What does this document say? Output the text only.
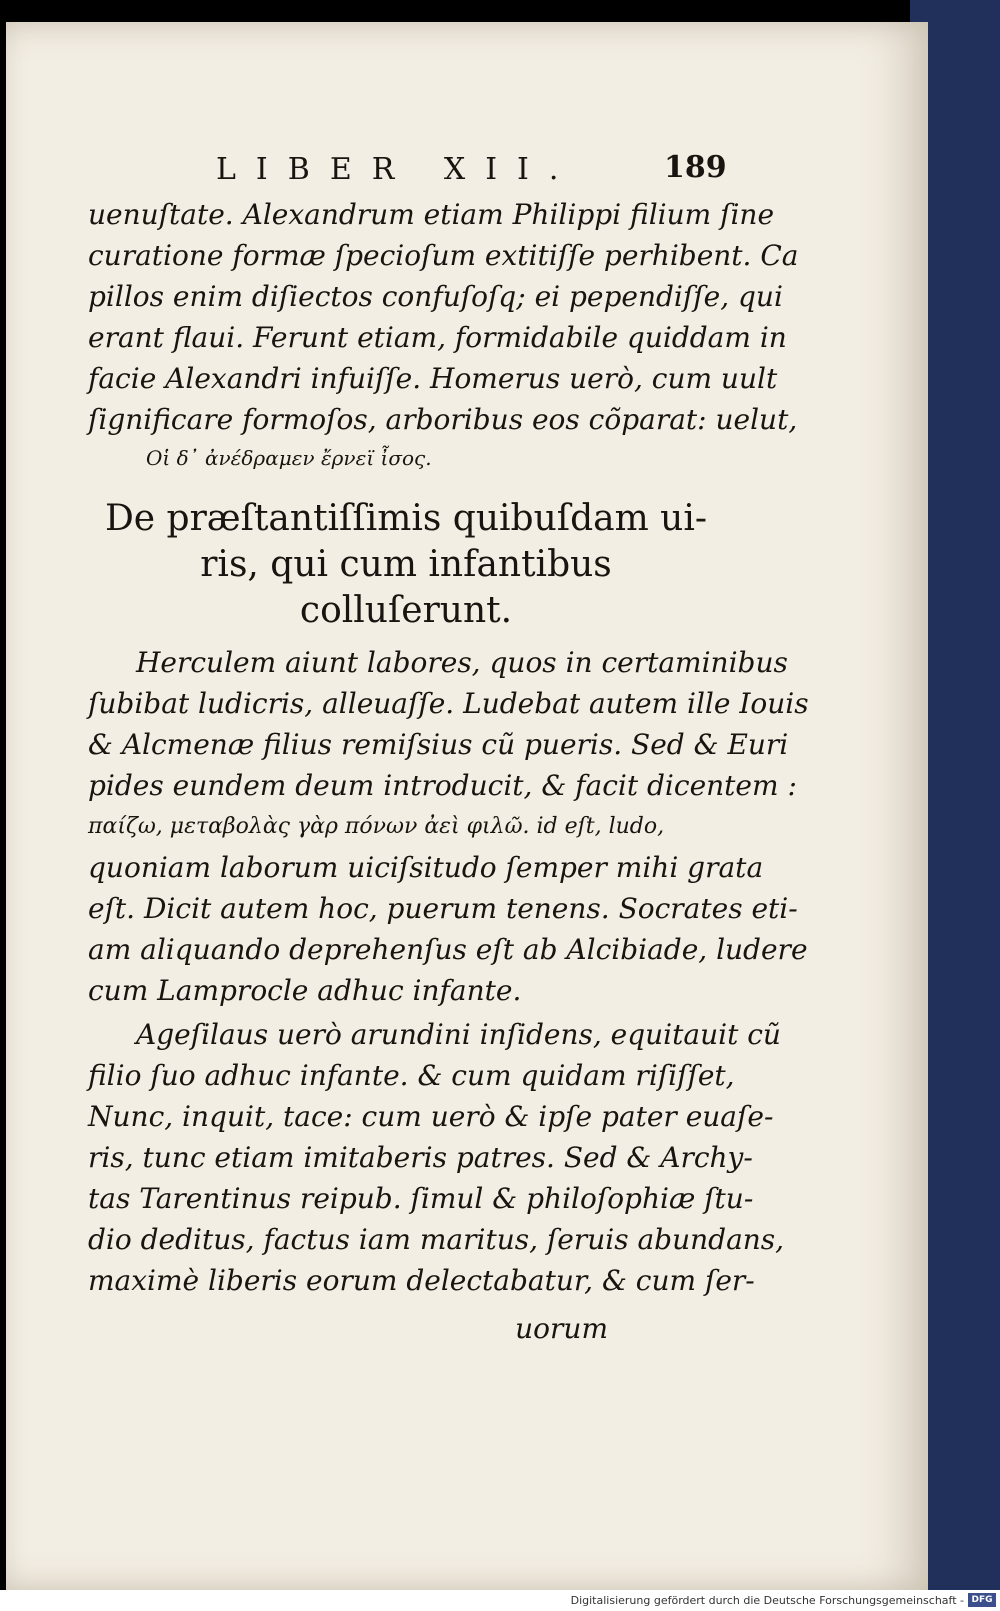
LIBER XII.	189
uenuſtate. Alexandrum etiam Philippi filium ſine
curatione formæ ſpecioſum extitiſſe perhibent. Ca
pillos enim diſiectos confuſoſq; ei pependiſſe, qui
erant flaui. Ferunt etiam, formidabile quiddam in
facie Alexandri infuiſſe. Homerus uerò, cum uult
ſignificare formoſos, arboribus eos cõparat: uelut,
Οἱ δ᾽ ἀνέδραμεν ἔρνεϊ ἶσος.
De præſtantiſſimis quibuſdam ui-
ris, qui cum infantibus
colluſerunt.
Herculem aiunt labores, quos in certaminibus
ſubibat ludicris, alleuaſſe. Ludebat autem ille Iouis
& Alcmenæ filius remiſsius cũ pueris. Sed & Euri
pides eundem deum introducit, & facit dicentem :
παίζω, μεταβολὰς γὰρ πόνων ἀεὶ φιλῶ. id eſt, ludo,
quoniam laborum uiciſsitudo ſemper mihi grata
eſt. Dicit autem hoc, puerum tenens. Socrates eti-
am aliquando deprehenſus eſt ab Alcibiade, ludere
cum Lamprocle adhuc infante.
Ageſilaus uerò arundini inſidens, equitauit cũ
filio ſuo adhuc infante. & cum quidam riſiſſet,
Nunc, inquit, tace: cum uerò & ipſe pater euaſe-
ris, tunc etiam imitaberis patres. Sed & Archy-
tas Tarentinus reipub. ſimul & philoſophiæ ſtu-
dio deditus, factus iam maritus, ſeruis abundans,
maximè liberis eorum delectabatur, & cum ſer-
uorum
Digitalisierung gefördert durch die Deutsche Forschungsgemeinschaft - DFG
